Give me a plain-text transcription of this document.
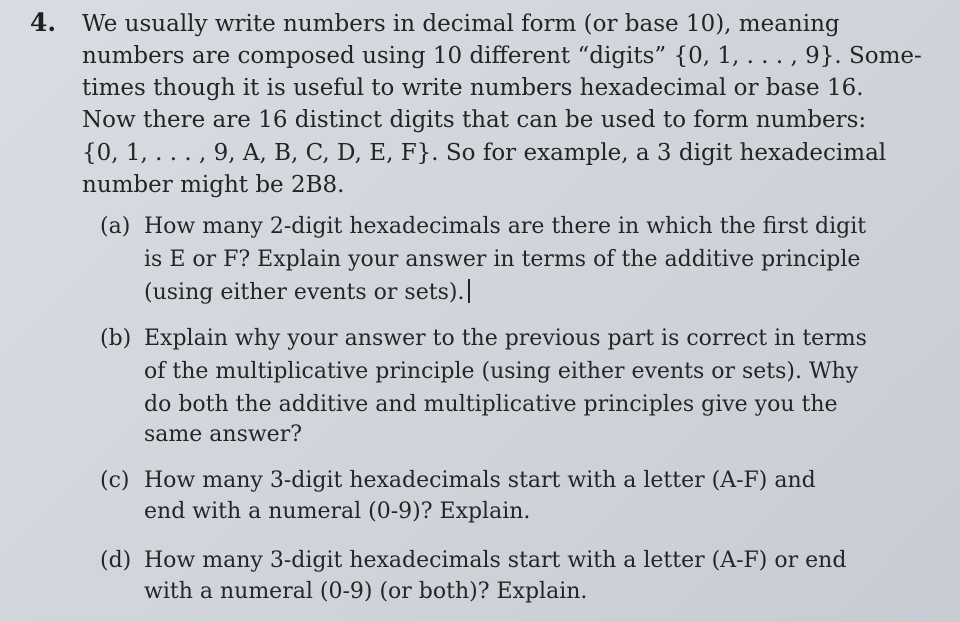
4. We usually write numbers in decimal form (or base 10), meaning
numbers are composed using 10 different “digits” {0, 1, . . . , 9}. Some-
times though it is useful to write numbers hexadecimal or base 16.
Now there are 16 distinct digits that can be used to form numbers:
{0, 1, . . . , 9, A, B, C, D, E, F}. So for example, a 3 digit hexadecimal
number might be 2B8.
(a) How many 2-digit hexadecimals are there in which the first digit
is E or F? Explain your answer in terms of the additive principle
(using either events or sets).
(b) Explain why your answer to the previous part is correct in terms
of the multiplicative principle (using either events or sets). Why
do both the additive and multiplicative principles give you the
same answer?
(c) How many 3-digit hexadecimals start with a letter (A-F) and
end with a numeral (0-9)? Explain.
(d) How many 3-digit hexadecimals start with a letter (A-F) or end
with a numeral (0-9) (or both)? Explain.
